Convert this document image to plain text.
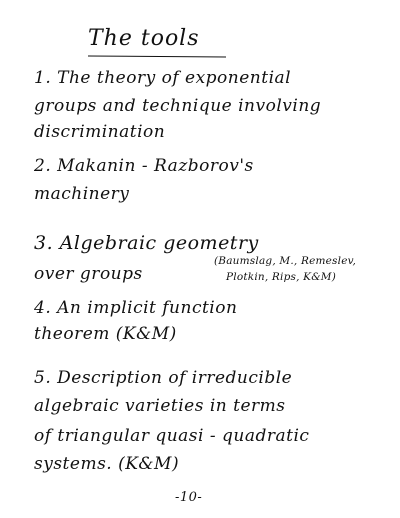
The tools
1. The theory of exponential
groups and technique involving
discrimination
2. Makanin - Razborov's
machinery
3. Algebraic geometry
over groups
(Baumslag, M., Remeslev,
Plotkin, Rips, K&M)
4. An implicit function
theorem (K&M)
5. Description of irreducible
algebraic varieties in terms
of triangular quasi - quadratic
systems. (K&M)
-10-
